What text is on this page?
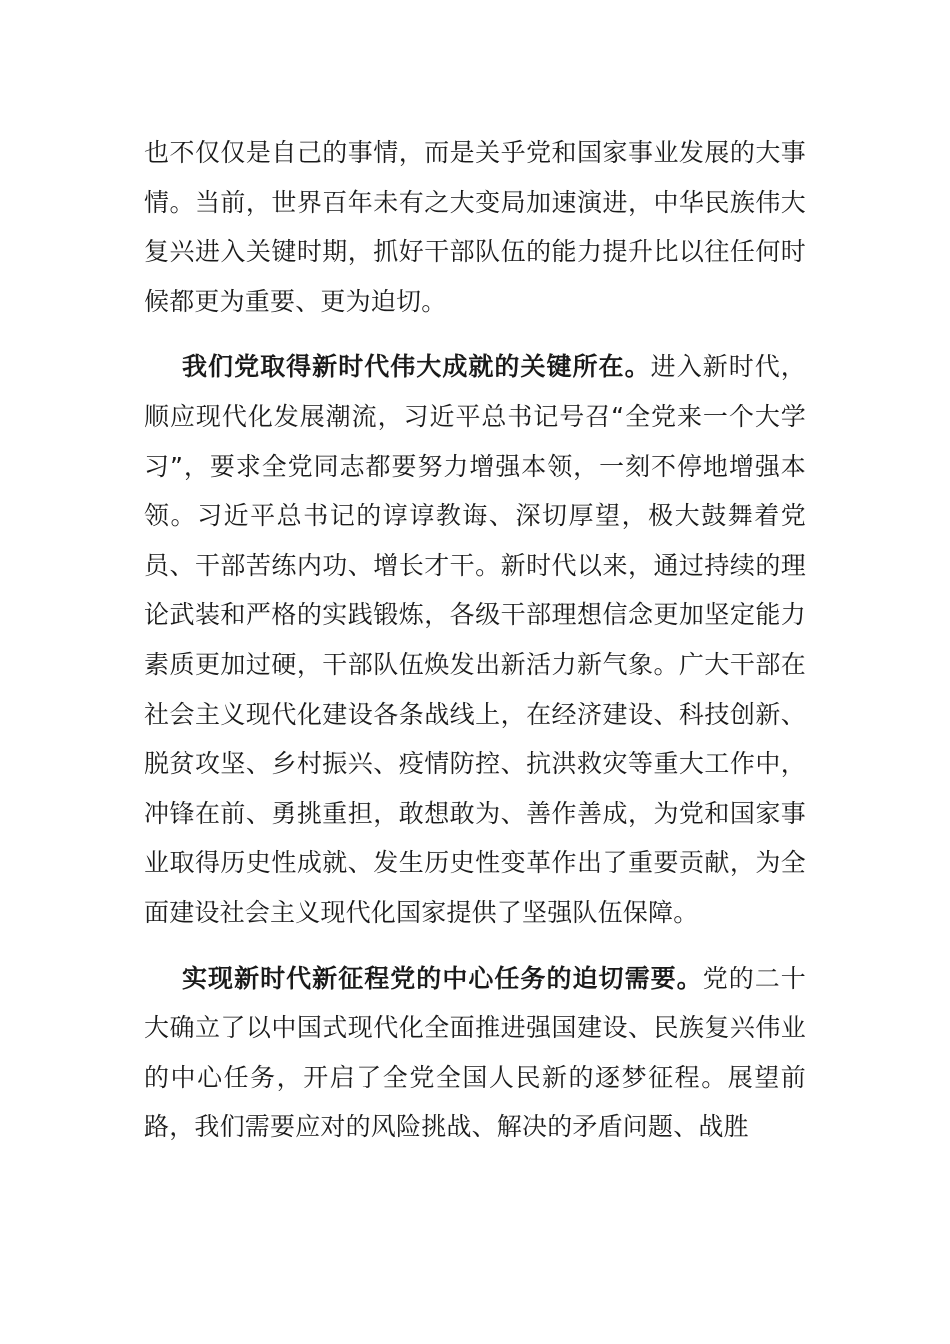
也不仅仅是自己的事情，而是关乎党和国家事业发展的大事情。当前，世界百年未有之大变局加速演进，中华民族伟大复兴进入关键时期，抓好干部队伍的能力提升比以往任何时候都更为重要、更为迫切。

我们党取得新时代伟大成就的关键所在。进入新时代，顺应现代化发展潮流，习近平总书记号召“全党来一个大学习”，要求全党同志都要努力增强本领，一刻不停地增强本领。习近平总书记的谆谆教诲、深切厚望，极大鼓舞着党员、干部苦练内功、增长才干。新时代以来，通过持续的理论武装和严格的实践锻炼，各级干部理想信念更加坚定能力素质更加过硬，干部队伍焕发出新活力新气象。广大干部在社会主义现代化建设各条战线上，在经济建设、科技创新、脱贫攻坚、乡村振兴、疫情防控、抗洪救灾等重大工作中，冲锋在前、勇挑重担，敢想敢为、善作善成，为党和国家事业取得历史性成就、发生历史性变革作出了重要贡献，为全面建设社会主义现代化国家提供了坚强队伍保障。

实现新时代新征程党的中心任务的迫切需要。党的二十大确立了以中国式现代化全面推进强国建设、民族复兴伟业的中心任务，开启了全党全国人民新的逐梦征程。展望前路，我们需要应对的风险挑战、解决的矛盾问题、战胜
